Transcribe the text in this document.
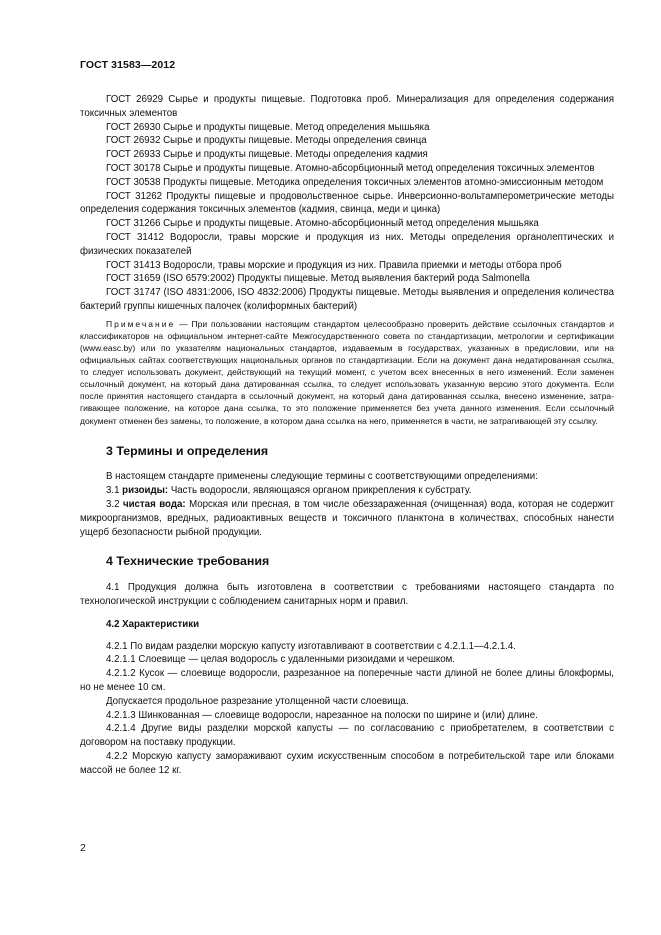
ГОСТ 31583—2012

ГОСТ 26929 Сырье и продукты пищевые. Подготовка проб. Минерализация для определения содержания токсичных элементов

ГОСТ 26930 Сырье и продукты пищевые. Метод определения мышьяка

ГОСТ 26932 Сырье и продукты пищевые. Методы определения свинца

ГОСТ 26933 Сырье и продукты пищевые. Методы определения кадмия

ГОСТ 30178 Сырье и продукты пищевые. Атомно-абсорбционный метод определения токсичных элементов

ГОСТ 30538 Продукты пищевые. Методика определения токсичных элементов атомно-эмиссионным методом

ГОСТ 31262 Продукты пищевые и продовольственное сырье. Инверсионно-вольтамперометрические методы определения содержания токсичных элементов (кадмия, свинца, меди и цинка)

ГОСТ 31266 Сырье и продукты пищевые. Атомно-абсорбционный метод определения мышьяка

ГОСТ 31412 Водоросли, травы морские и продукция из них. Методы определения органолептических и физических показателей

ГОСТ 31413 Водоросли, травы морские и продукция из них. Правила приемки и методы отбора проб

ГОСТ 31659 (ISO 6579:2002) Продукты пищевые. Метод выявления бактерий рода Salmonella

ГОСТ 31747 (ISO 4831:2006, ISO 4832:2006) Продукты пищевые. Методы выявления и определения количества бактерий группы кишечных палочек (колиформных бактерий)

Примечание — При пользовании настоящим стандартом целесообразно проверить действие ссылочных стандартов и классификаторов на официальном интернет-сайте Межгосударственного совета по стандартизации, метрологии и сертификации (www.easc.by) или по указателям национальных стандартов, издаваемым в государствах, указанных в предисловии, или на официальных сайтах соответствующих национальных органов по стандартизации. Если на документ дана недатированная ссылка, то следует использовать документ, действующий на текущий момент, с учетом всех внесенных в него изменений. Если заменен ссылочный документ, на который дана датированная ссылка, то следует использовать указанную версию этого документа. Если после принятия настоящего стандарта в ссылочный документ, на который дана датированная ссылка, внесено изменение, затрагивающее положение, на которое дана ссылка, то это положение применяется без учета данного изменения. Если ссылочный документ отменен без замены, то положение, в котором дана ссылка на него, применяется в части, не затрагивающей эту ссылку.

3 Термины и определения

В настоящем стандарте применены следующие термины с соответствующими определениями:

3.1 ризоиды: Часть водоросли, являющаяся органом прикрепления к субстрату.

3.2 чистая вода: Морская или пресная, в том числе обеззараженная (очищенная) вода, которая не содержит микроорганизмов, вредных, радиоактивных веществ и токсичного планктона в количествах, способных нанести ущерб безопасности рыбной продукции.

4 Технические требования

4.1 Продукция должна быть изготовлена в соответствии с требованиями настоящего стандарта по технологической инструкции с соблюдением санитарных норм и правил.

4.2 Характеристики

4.2.1 По видам разделки морскую капусту изготавливают в соответствии с 4.2.1.1—4.2.1.4.

4.2.1.1 Слоевище — целая водоросль с удаленными ризоидами и черешком.

4.2.1.2 Кусок — слоевище водоросли, разрезанное на поперечные части длиной не более длины блокформы, но не менее 10 см.

Допускается продольное разрезание утолщенной части слоевища.

4.2.1.3 Шинкованная — слоевище водоросли, нарезанное на полоски по ширине и (или) длине.

4.2.1.4 Другие виды разделки морской капусты — по согласованию с приобретателем, в соответствии с договором на поставку продукции.

4.2.2 Морскую капусту замораживают сухим искусственным способом в потребительской таре или блоками массой не более 12 кг.

2
